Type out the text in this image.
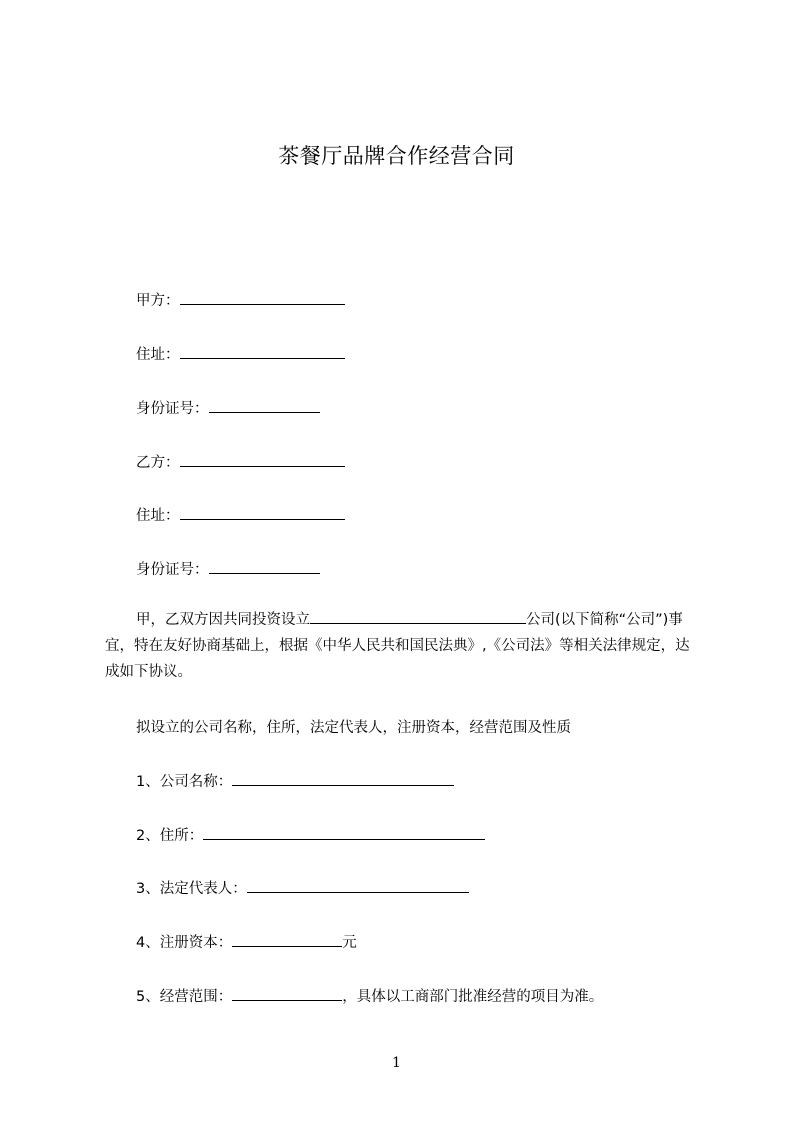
茶餐厅品牌合作经营合同
甲方：
住址：
身份证号：
乙方：
住址：
身份证号：
甲，乙双方因共同投资设立	公司(以下简称“公司”)事宜，特在友好协商基础上，根据《中华人民共和国民法典》,《公司法》等相关法律规定，达成如下协议。
拟设立的公司名称，住所，法定代表人，注册资本，经营范围及性质
1、公司名称：
2、住所：
3、法定代表人：
4、注册资本：	元
5、经营范围：	，具体以工商部门批准经营的项目为准。
1
